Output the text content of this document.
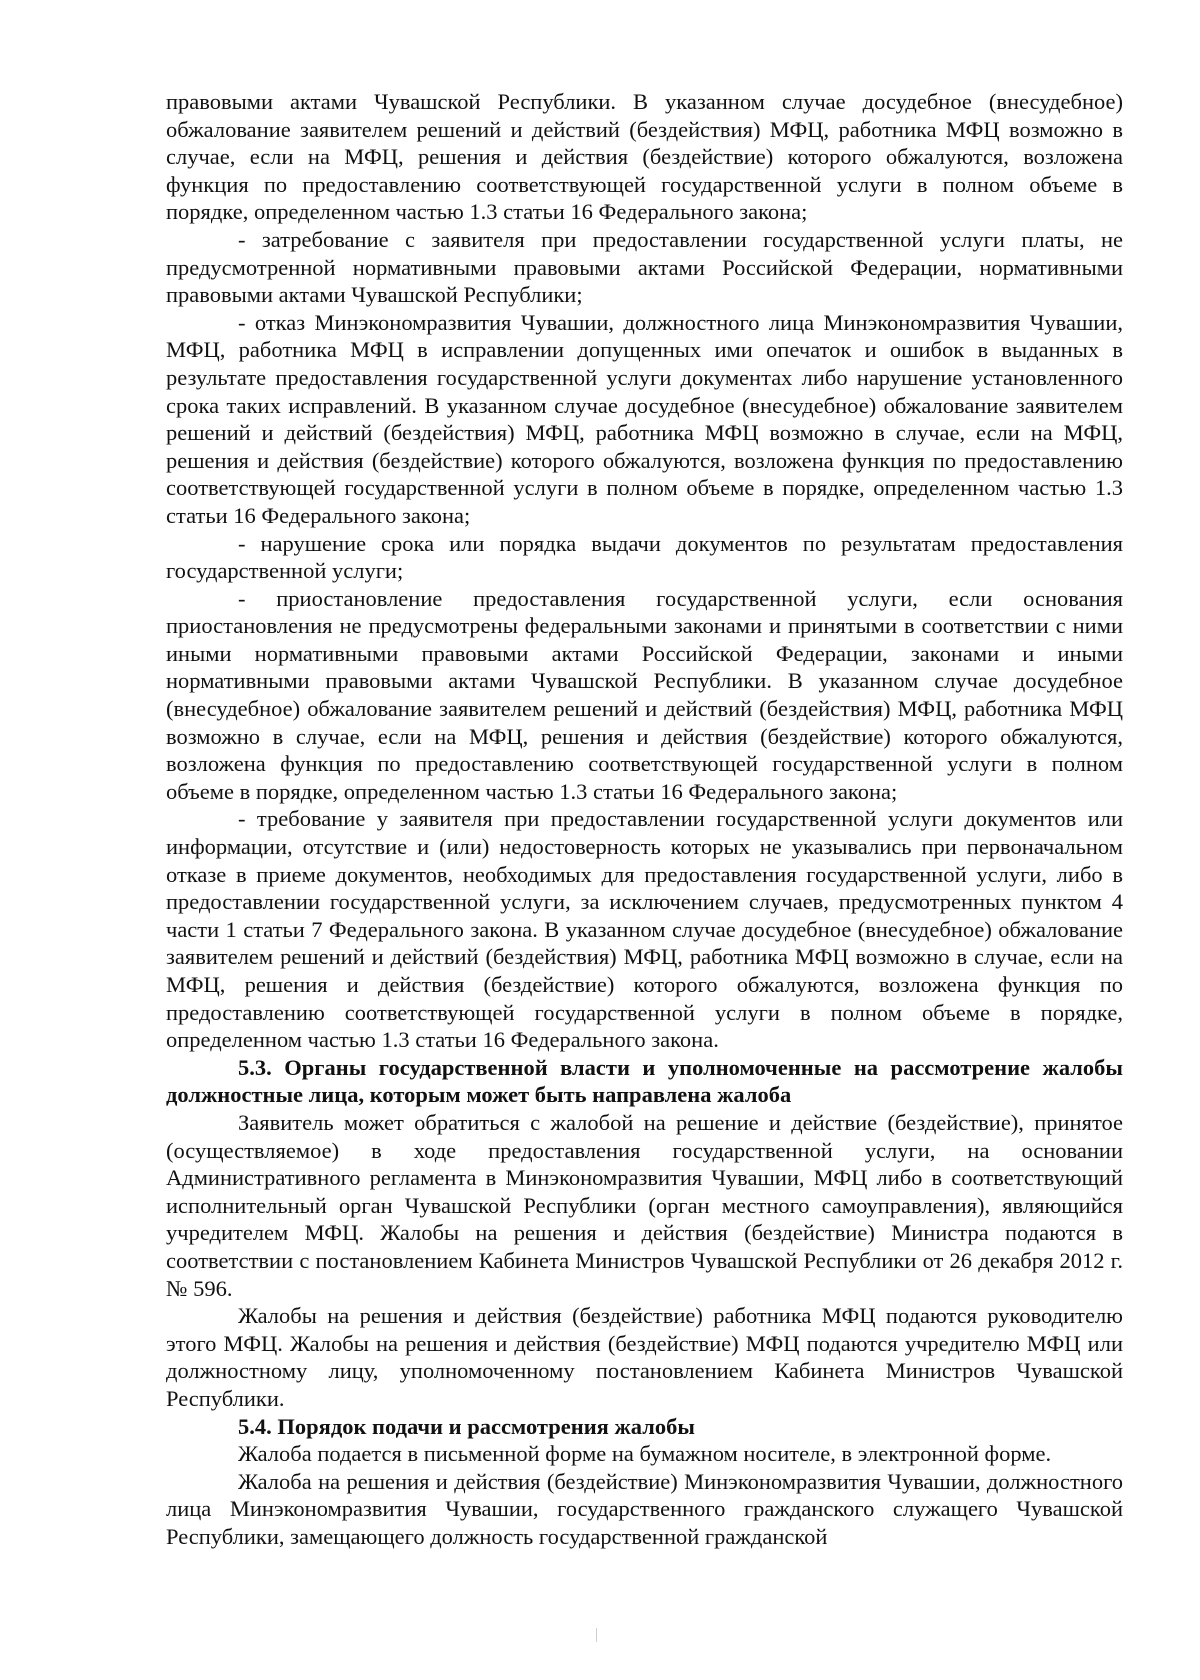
правовыми актами Чувашской Республики. В указанном случае досудебное (внесудебное) обжалование заявителем решений и действий (бездействия) МФЦ, работника МФЦ возможно в случае, если на МФЦ, решения и действия (бездействие) которого обжалуются, возложена функция по предоставлению соответствующей государственной услуги в полном объеме в порядке, определенном частью 1.3 статьи 16 Федерального закона;

- затребование с заявителя при предоставлении государственной услуги платы, не предусмотренной нормативными правовыми актами Российской Федерации, нормативными правовыми актами Чувашской Республики;

- отказ Минэкономразвития Чувашии, должностного лица Минэкономразвития Чувашии, МФЦ, работника МФЦ в исправлении допущенных ими опечаток и ошибок в выданных в результате предоставления государственной услуги документах либо нарушение установленного срока таких исправлений. В указанном случае досудебное (внесудебное) обжалование заявителем решений и действий (бездействия) МФЦ, работника МФЦ возможно в случае, если на МФЦ, решения и действия (бездействие) которого обжалуются, возложена функция по предоставлению соответствующей государственной услуги в полном объеме в порядке, определенном частью 1.3 статьи 16 Федерального закона;

- нарушение срока или порядка выдачи документов по результатам предоставления государственной услуги;

- приостановление предоставления государственной услуги, если основания приостановления не предусмотрены федеральными законами и принятыми в соответствии с ними иными нормативными правовыми актами Российской Федерации, законами и иными нормативными правовыми актами Чувашской Республики. В указанном случае досудебное (внесудебное) обжалование заявителем решений и действий (бездействия) МФЦ, работника МФЦ возможно в случае, если на МФЦ, решения и действия (бездействие) которого обжалуются, возложена функция по предоставлению соответствующей государственной услуги в полном объеме в порядке, определенном частью 1.3 статьи 16 Федерального закона;

- требование у заявителя при предоставлении государственной услуги документов или информации, отсутствие и (или) недостоверность которых не указывались при первоначальном отказе в приеме документов, необходимых для предоставления государственной услуги, либо в предоставлении государственной услуги, за исключением случаев, предусмотренных пунктом 4 части 1 статьи 7 Федерального закона. В указанном случае досудебное (внесудебное) обжалование заявителем решений и действий (бездействия) МФЦ, работника МФЦ возможно в случае, если на МФЦ, решения и действия (бездействие) которого обжалуются, возложена функция по предоставлению соответствующей государственной услуги в полном объеме в порядке, определенном частью 1.3 статьи 16 Федерального закона.

5.3. Органы государственной власти и уполномоченные на рассмотрение жалобы должностные лица, которым может быть направлена жалоба

Заявитель может обратиться с жалобой на решение и действие (бездействие), принятое (осуществляемое) в ходе предоставления государственной услуги, на основании Административного регламента в Минэкономразвития Чувашии, МФЦ либо в соответствующий исполнительный орган Чувашской Республики (орган местного самоуправления), являющийся учредителем МФЦ. Жалобы на решения и действия (бездействие) Министра подаются в соответствии с постановлением Кабинета Министров Чувашской Республики от 26 декабря 2012 г. № 596.

Жалобы на решения и действия (бездействие) работника МФЦ подаются руководителю этого МФЦ. Жалобы на решения и действия (бездействие) МФЦ подаются учредителю МФЦ или должностному лицу, уполномоченному постановлением Кабинета Министров Чувашской Республики.

5.4. Порядок подачи и рассмотрения жалобы

Жалоба подается в письменной форме на бумажном носителе, в электронной форме.

Жалоба на решения и действия (бездействие) Минэкономразвития Чувашии, должностного лица Минэкономразвития Чувашии, государственного гражданского служащего Чувашской Республики, замещающего должность государственной гражданской
